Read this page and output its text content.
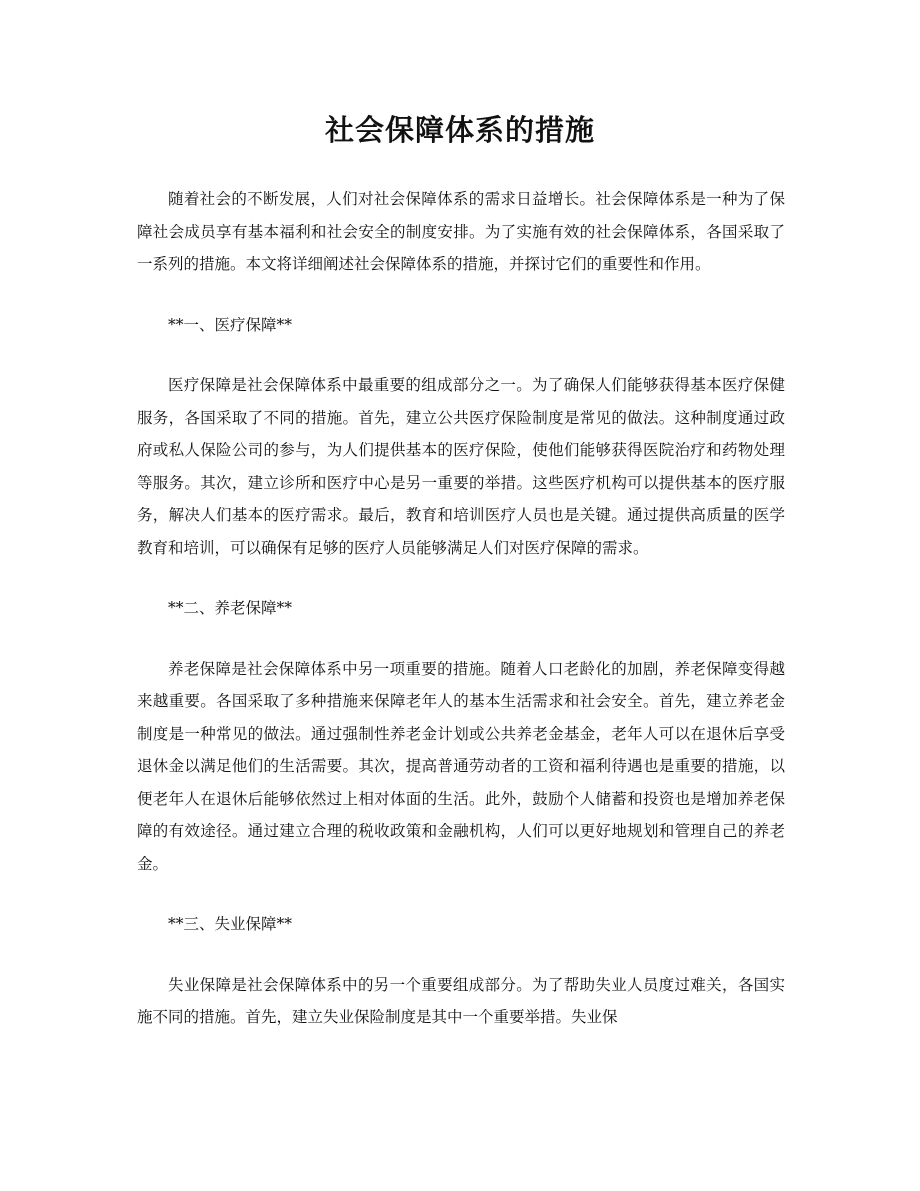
社会保障体系的措施

随着社会的不断发展，人们对社会保障体系的需求日益增长。社会保障体系是一种为了保障社会成员享有基本福利和社会安全的制度安排。为了实施有效的社会保障体系，各国采取了一系列的措施。本文将详细阐述社会保障体系的措施，并探讨它们的重要性和作用。

**一、医疗保障**

医疗保障是社会保障体系中最重要的组成部分之一。为了确保人们能够获得基本医疗保健服务，各国采取了不同的措施。首先，建立公共医疗保险制度是常见的做法。这种制度通过政府或私人保险公司的参与，为人们提供基本的医疗保险，使他们能够获得医院治疗和药物处理等服务。其次，建立诊所和医疗中心是另一重要的举措。这些医疗机构可以提供基本的医疗服务，解决人们基本的医疗需求。最后，教育和培训医疗人员也是关键。通过提供高质量的医学教育和培训，可以确保有足够的医疗人员能够满足人们对医疗保障的需求。

**二、养老保障**

养老保障是社会保障体系中另一项重要的措施。随着人口老龄化的加剧，养老保障变得越来越重要。各国采取了多种措施来保障老年人的基本生活需求和社会安全。首先，建立养老金制度是一种常见的做法。通过强制性养老金计划或公共养老金基金，老年人可以在退休后享受退休金以满足他们的生活需要。其次，提高普通劳动者的工资和福利待遇也是重要的措施，以便老年人在退休后能够依然过上相对体面的生活。此外，鼓励个人储蓄和投资也是增加养老保障的有效途径。通过建立合理的税收政策和金融机构，人们可以更好地规划和管理自己的养老金。

**三、失业保障**

失业保障是社会保障体系中的另一个重要组成部分。为了帮助失业人员度过难关，各国实施不同的措施。首先，建立失业保险制度是其中一个重要举措。失业保
